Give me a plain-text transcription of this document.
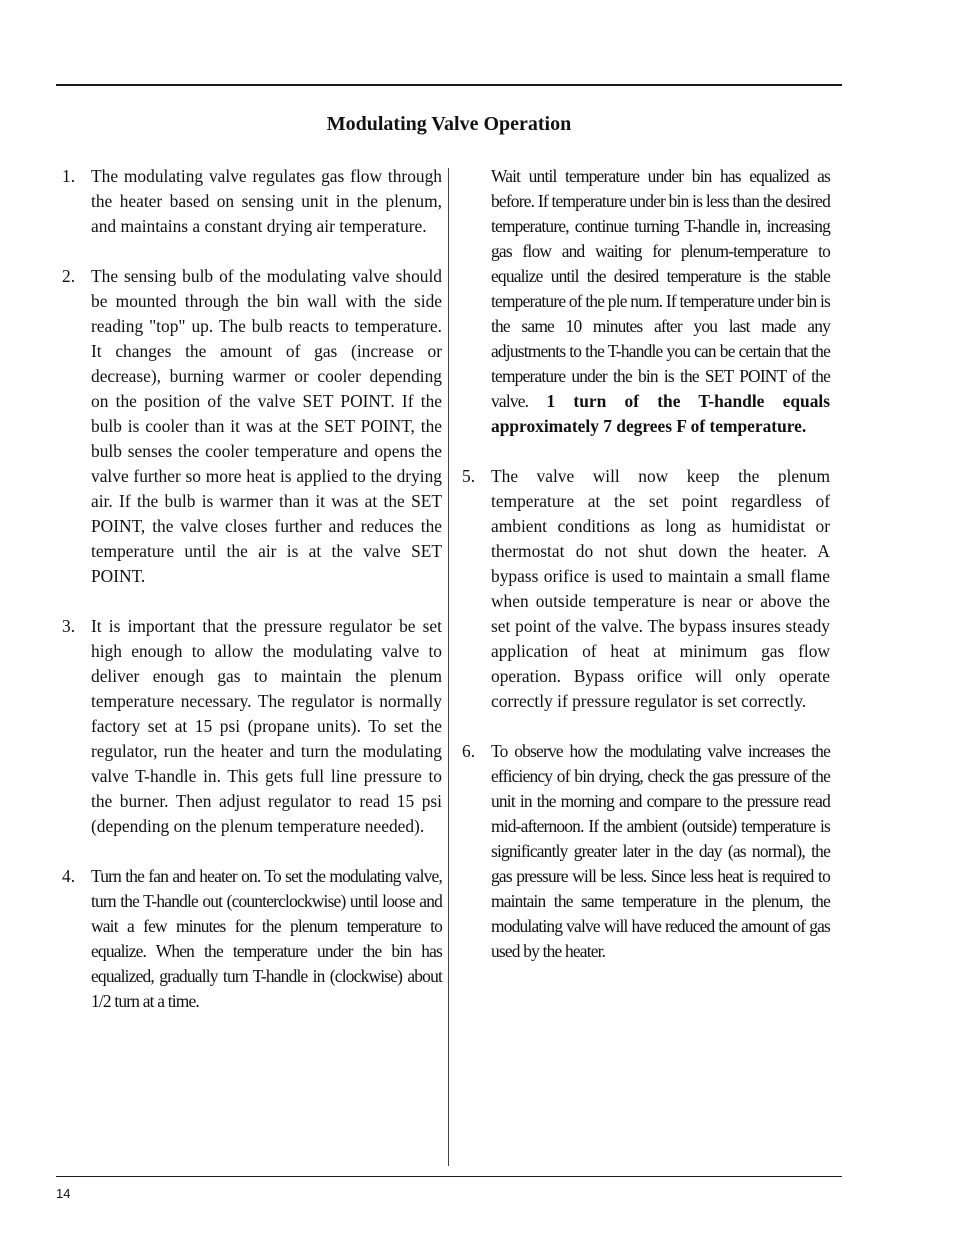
Modulating Valve Operation
1. The modulating valve regulates gas flow through the heater based on sensing unit in the plenum, and maintains a constant drying air temperature.
2. The sensing bulb of the modulating valve should be mounted through the bin wall with the side reading "top" up. The bulb reacts to temperature. It changes the amount of gas (increase or decrease), burning warmer or cooler depending on the position of the valve SET POINT. If the bulb is cooler than it was at the SET POINT, the bulb senses the cooler temperature and opens the valve further so more heat is applied to the drying air. If the bulb is warmer than it was at the SET POINT, the valve closes further and reduces the temperature until the air is at the valve SET POINT.
3. It is important that the pressure regulator be set high enough to allow the modulating valve to deliver enough gas to maintain the plenum temperature necessary. The regulator is normally factory set at 15 psi (propane units). To set the regulator, run the heater and turn the modulating valve T-handle in. This gets full line pressure to the burner. Then adjust regulator to read 15 psi (depending on the plenum temperature needed).
4. Turn the fan and heater on. To set the modulating valve, turn the T-handle out (counterclockwise) until loose and wait a few minutes for the plenum temperature to equalize. When the temperature under the bin has equalized, gradually turn T-handle in (clockwise) about 1/2 turn at a time.

Wait until temperature under bin has equalized as before. If temperature under bin is less than the desired temperature, continue turning T-handle in, increasing gas flow and waiting for plenum-temperature to equalize until the desired temperature is the stable temperature of the ple num. If temperature under bin is the same 10 minutes after you last made any adjustments to the T-handle you can be certain that the temperature under the bin is the SET POINT of the valve. 1 turn of the T-handle equals approximately 7 degrees F of temperature.

5. The valve will now keep the plenum temperature at the set point regardless of ambient conditions as long as humidistat or thermostat do not shut down the heater. A bypass orifice is used to maintain a small flame when outside temperature is near or above the set point of the valve. The bypass insures steady application of heat at minimum gas flow operation. Bypass orifice will only operate correctly if pressure regulator is set correctly.
6. To observe how the modulating valve increases the efficiency of bin drying, check the gas pressure of the unit in the morning and compare to the pressure read mid-afternoon. If the ambient (outside) temperature is significantly greater later in the day (as normal), the gas pressure will be less. Since less heat is required to maintain the same temperature in the plenum, the modulating valve will have reduced the amount of gas used by the heater.
14
